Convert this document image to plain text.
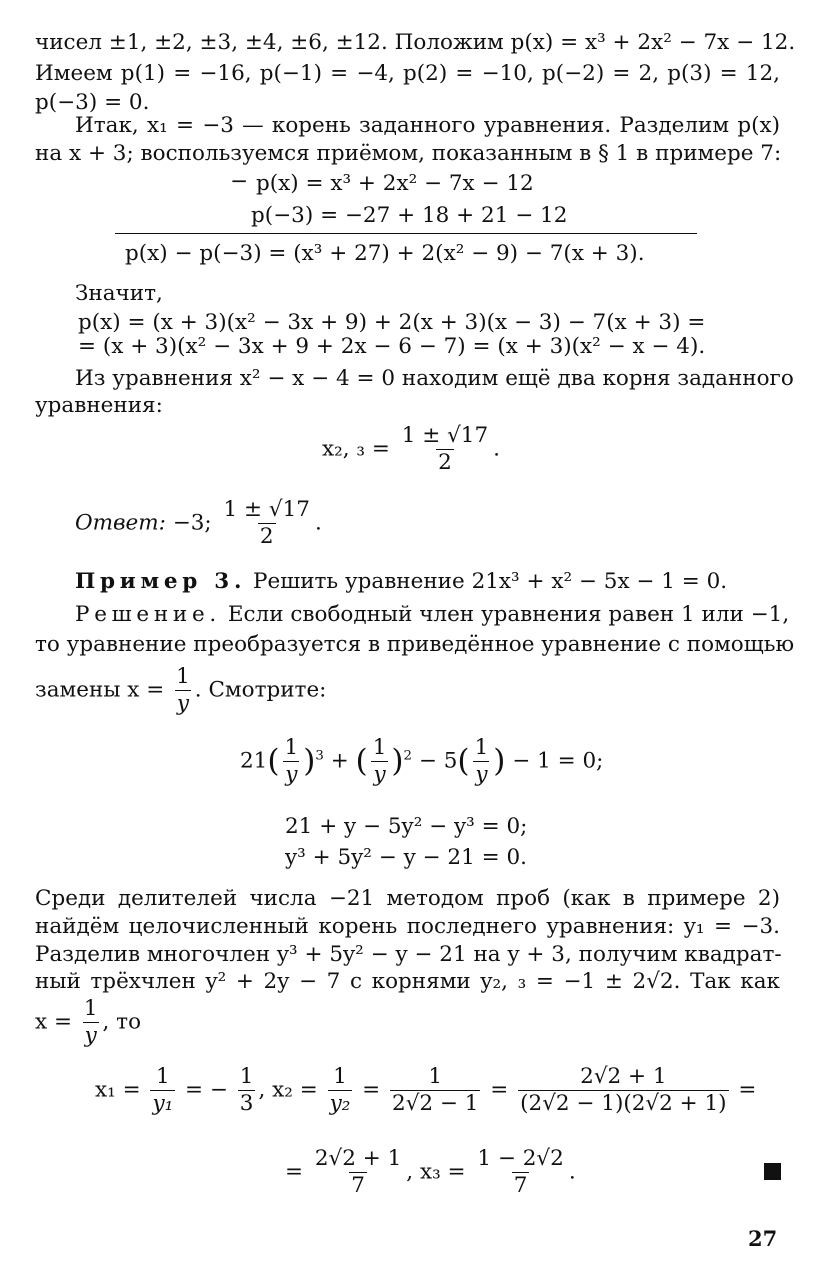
чисел ±1, ±2, ±3, ±4, ±6, ±12. Положим p(x) = x³ + 2x² − 7x − 12.
Имеем p(1) = −16, p(−1) = −4, p(2) = −10, p(−2) = 2, p(3) = 12,
p(−3) = 0.
Итак, x₁ = −3 — корень заданного уравнения. Разделим p(x)
на x + 3; воспользуемся приёмом, показанным в § 1 в примере 7:
− p(x) = x³ + 2x² − 7x − 12
p(−3) = −27 + 18 + 21 − 12
p(x) − p(−3) = (x³ + 27) + 2(x² − 9) − 7(x + 3).
Значит,
p(x) = (x + 3)(x² − 3x + 9) + 2(x + 3)(x − 3) − 7(x + 3) =
= (x + 3)(x² − 3x + 9 + 2x − 6 − 7) = (x + 3)(x² − x − 4).
Из уравнения x² − x − 4 = 0 находим ещё два корня заданного
уравнения:
x₂, $_3 = \frac{1 \pm √17}{2}$ .
Ответ: −3; $\frac{1 \pm √17}{2}$ .
Пример 3. Решить уравнение 21x³ + x² − 5x − 1 = 0.
Решение. Если свободный член уравнения равен 1 или −1,
то уравнение преобразуется в приведённое уравнение с помощью
замены $x = \frac{1}{y}$ . Смотрите:
$21( \frac{1}{y} )^3$ + ( $\frac{1}{y} )^2 - 5( \frac{1}{y}$ ) − 1 = 0;
21 + y − 5y² − y³ = 0;
y³ + 5y² − y − 21 = 0.
Среди делителей числа −21 методом проб (как в примере 2)
найдём целочисленный корень последнего уравнения: y₁ = −3.
Разделив многочлен y³ + 5y² − y − 21 на y + 3, получим квадрат-
ный трёхчлен y² + 2y − 7 с корнями y₂, ₃ = −1 ± 2√2. Так как
$x = \frac{1}{y}$ , то
$x_1 = \frac{1}{\text{y₁}}$ = − $\frac{1}{3}$ , $x_2 = \frac{1}{\text{y₂}} = \frac{1}{2√2 - 1} = \frac{2√2 + 1}{(2√2 - 1)(2√2 + 1)}$ =
= $\frac{2√2 + 1}{7}$ , $x_3 = \frac{1 - 2√2}{7}$ .
27
